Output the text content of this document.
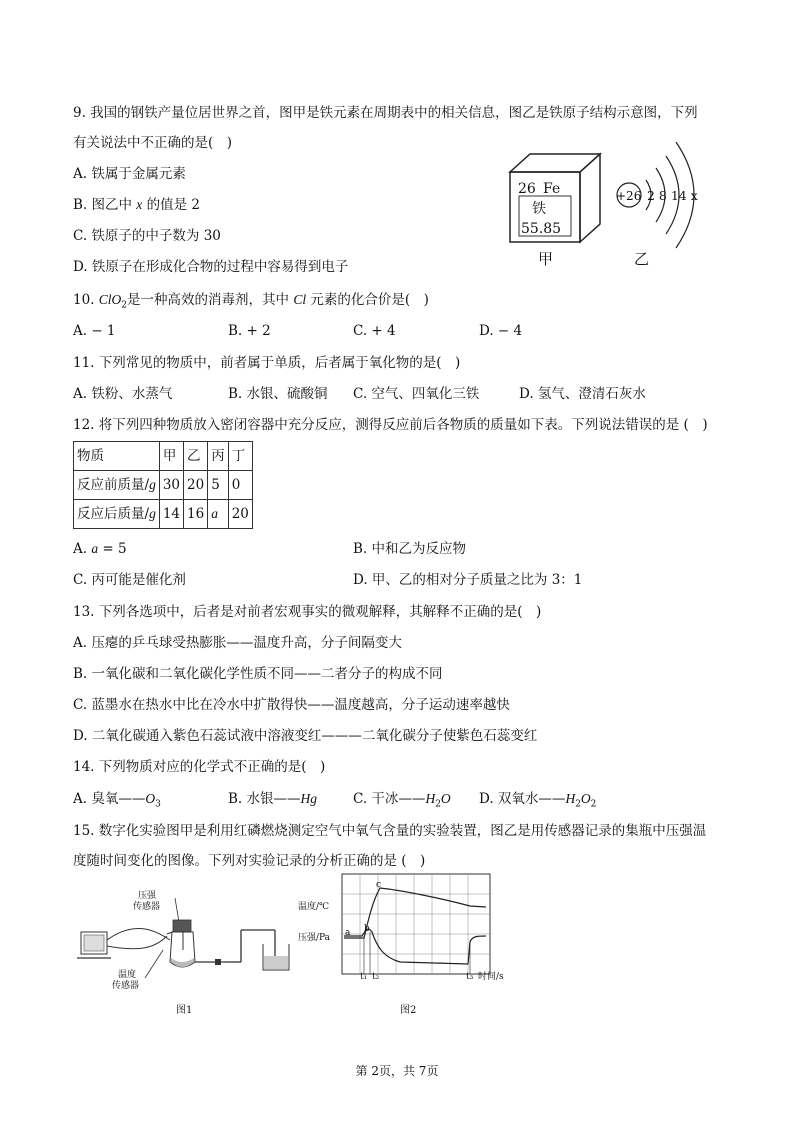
9. 我国的钢铁产量位居世界之首，图甲是铁元素在周期表中的相关信息，图乙是铁原子结构示意图，下列
有关说法中不正确的是(　)
A. 铁属于金属元素
B. 图乙中 x 的值是 2
C. 铁原子的中子数为 30
D. 铁原子在形成化合物的过程中容易得到电子
26 Fe
铁
55.85
甲
+26 2 8 14 x
乙
10. ClO$_2$是一种高效的消毒剂，其中 Cl 元素的化合价是(　)
A. − 1	B. + 2	C. + 4	D. − 4
11. 下列常见的物质中，前者属于单质，后者属于氧化物的是(　)
A. 铁粉、水蒸气	B. 水银、硫酸铜 C. 空气、四氧化三铁	D. 氢气、澄清石灰水
12. 将下列四种物质放入密闭容器中充分反应，测得反应前后各物质的质量如下表。下列说法错误的是 (　)
物质	甲	乙	丙	丁
反应前质量/g	30	20	5	0
反应后质量/g	14	16	a	20
A. a = 5	B. 中和乙为反应物
C. 丙可能是催化剂	D. 甲、乙的相对分子质量之比为 3：1
13. 下列各选项中，后者是对前者宏观事实的微观解释，其解释不正确的是(　)
A. 压瘪的乒乓球受热膨胀——温度升高，分子间隔变大
B. 一氧化碳和二氧化碳化学性质不同——二者分子的构成不同
C. 蓝墨水在热水中比在冷水中扩散得快——温度越高，分子运动速率越快
D. 二氧化碳通入紫色石蕊试液中溶液变红———二氧化碳分子使紫色石蕊变红
14. 下列物质对应的化学式不正确的是(　)
A. 臭氧$——O_3$	B. 水银——Hg	C. 干冰$——H_2O$ D. 双氧水$——H_2O_2$
15. 数字化实验图甲是利用红磷燃烧测定空气中氧气含量的实验装置，图乙是用传感器记录的集瓶中压强温
度随时间变化的图像。下列对实验记录的分析正确的是 (　)
压强
传感器
温度
传感器
图1
温度/℃
压强/Pa a b
c
t₁ t₂	t₃ 时间/s
图2
第 2页，共 7页
